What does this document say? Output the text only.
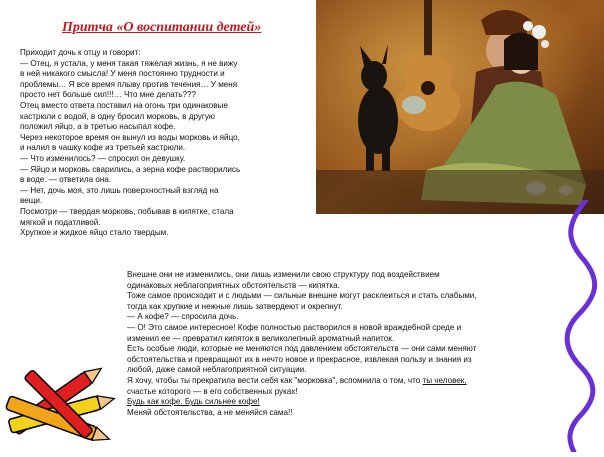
Притча «О воспитании детей»
Приходит дочь к отцу и говорит:
— Отец, я устала, у меня такая тяжелая жизнь, я не вижу
в ней никакого смысла! У меня постоянно трудности и
проблемы… Я все время плыву против течения… У меня
просто нет больше сил!!!… Что мне делать???
Отец вместо ответа поставил на огонь три одинаковые
кастрюли с водой, в одну бросил морковь, в другую
положил яйцо, а в третью насыпал кофе.
Через некоторое время он вынул из воды морковь и яйцо,
и налил в чашку кофе из третьей кастрюли.
— Что изменилось? — спросил он девушку.
— Яйцо и морковь сварились, а зерна кофе растворились
в воде. — ответила она.
— Нет, дочь моя, это лишь поверхностный взгляд на
вещи.
Посмотри — твердая морковь, побывав в кипятке, стала
мягкой и податливой.
Хрупкое и жидкое яйцо стало твердым.
Внешне они не изменились, они лишь изменили свою структуру под воздействием
одинаковых неблагоприятных обстоятельств — кипятка.
Тоже самое происходит и с людьми — сильные внешне могут расклеиться и стать слабыми,
тогда как хрупкие и нежные лишь затвердеют и окрепнут.
— А кофе? — спросила дочь.
— О! Это самое интересное! Кофе полностью растворился в новой враждебной среде и
изменил ее — превратил кипяток в великолепный ароматный напиток.
Есть особые люди, которые не меняются под давлением обстоятельств — они сами меняют
обстоятельства и превращают их в нечто новое и прекрасное, извлекая пользу и знания из
любой, даже самой неблагоприятной ситуации.
Я хочу, чтобы ты прекратила вести себя как "морковка", вспомнила о том, что ты человек,
счастье которого — в его собственных руках!
Будь как кофе. Будь сильнее кофе!
Меняй обстоятельства, а не меняйся сама!!
